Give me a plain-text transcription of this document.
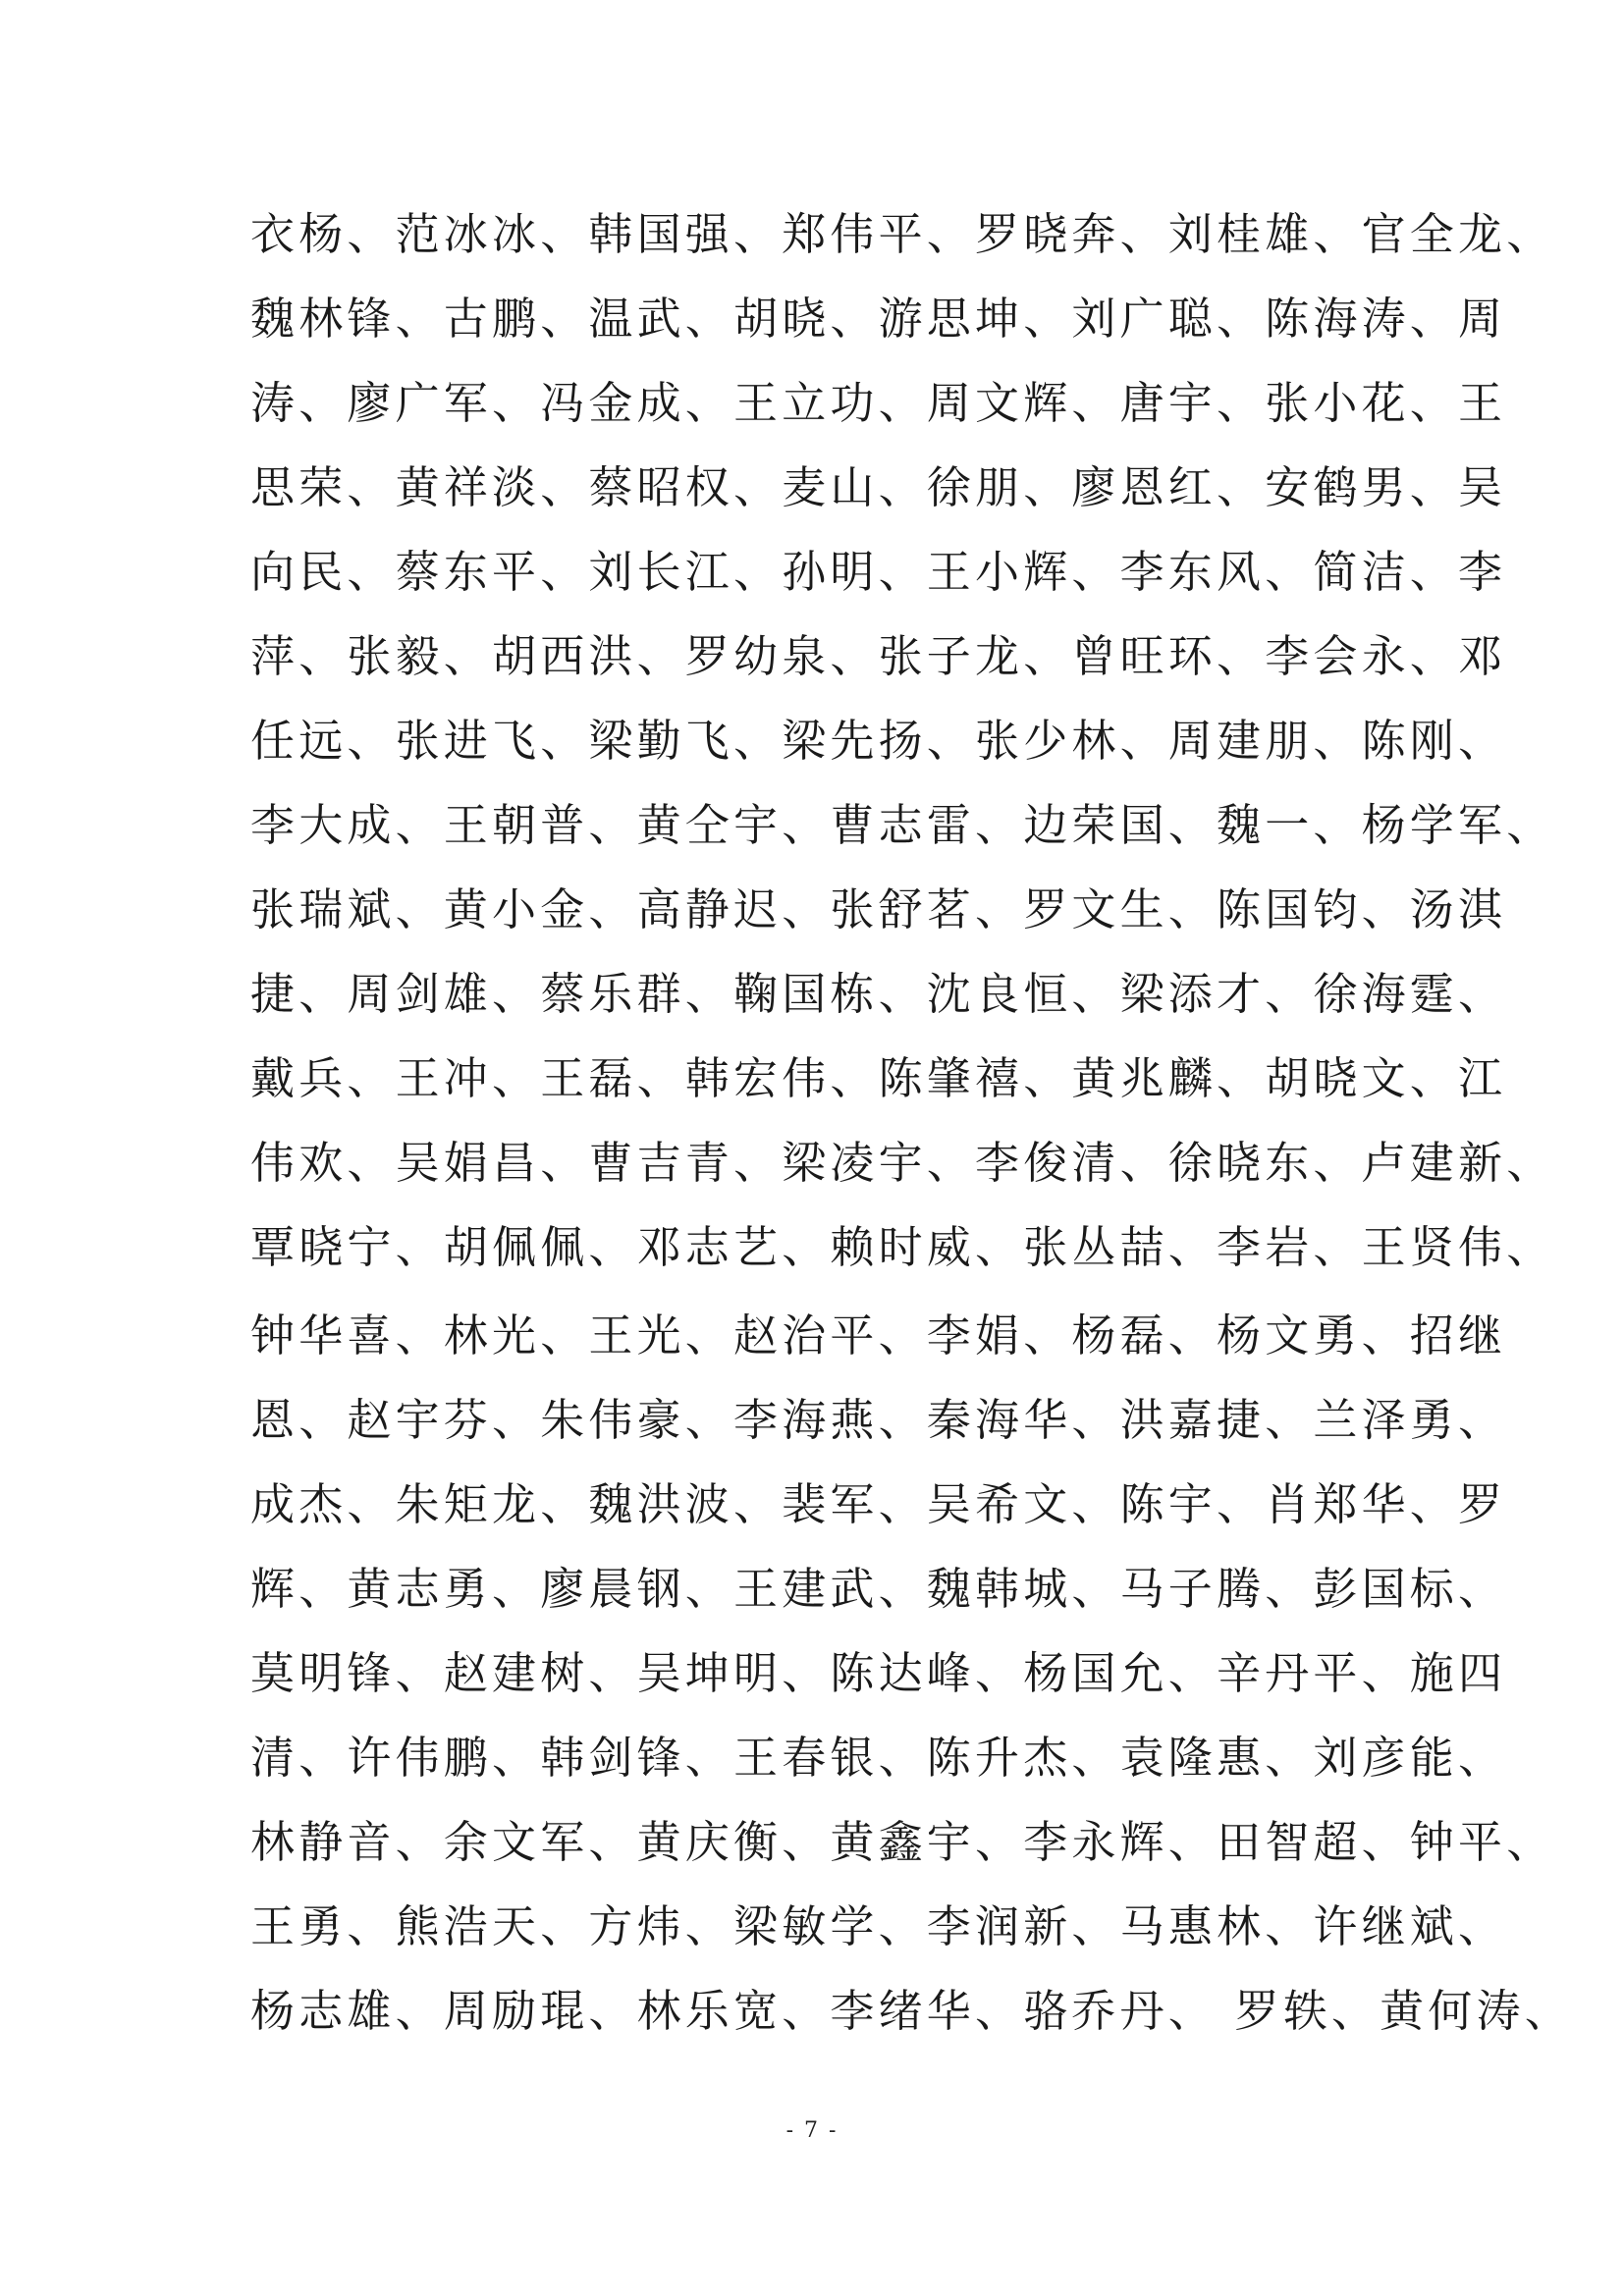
衣杨、范冰冰、韩国强、郑伟平、罗晓奔、刘桂雄、官全龙、
魏林锋、古鹏、温武、胡晓、游思坤、刘广聪、陈海涛、周
涛、廖广军、冯金成、王立功、周文辉、唐宇、张小花、王
思荣、黄祥淡、蔡昭权、麦山、徐朋、廖恩红、安鹤男、吴
向民、蔡东平、刘长江、孙明、王小辉、李东风、简洁、李
萍、张毅、胡西洪、罗幼泉、张子龙、曾旺环、李会永、邓
任远、张进飞、梁勤飞、梁先扬、张少林、周建朋、陈刚、
李大成、王朝普、黄仝宇、曹志雷、边荣国、魏一、杨学军、
张瑞斌、黄小金、高静迟、张舒茗、罗文生、陈国钧、汤淇
捷、周剑雄、蔡乐群、鞠国栋、沈良恒、梁添才、徐海霆、
戴兵、王冲、王磊、韩宏伟、陈肇禧、黄兆麟、胡晓文、江
伟欢、吴娟昌、曹吉青、梁凌宇、李俊清、徐晓东、卢建新、
覃晓宁、胡佩佩、邓志艺、赖时威、张丛喆、李岩、王贤伟、
钟华喜、林光、王光、赵治平、李娟、杨磊、杨文勇、招继
恩、赵宇芬、朱伟豪、李海燕、秦海华、洪嘉捷、兰泽勇、
成杰、朱矩龙、魏洪波、裴军、吴希文、陈宇、肖郑华、罗
辉、黄志勇、廖晨钢、王建武、魏韩城、马子腾、彭国标、
莫明锋、赵建树、吴坤明、陈达峰、杨国允、辛丹平、施四
清、许伟鹏、韩剑锋、王春银、陈升杰、袁隆惠、刘彦能、
林静音、余文军、黄庆衡、黄鑫宇、李永辉、田智超、钟平、
王勇、熊浩天、方炜、梁敏学、李润新、马惠林、许继斌、
杨志雄、周励琨、林乐宽、李绪华、骆乔丹、 罗轶、黄何涛、
- 7 -
